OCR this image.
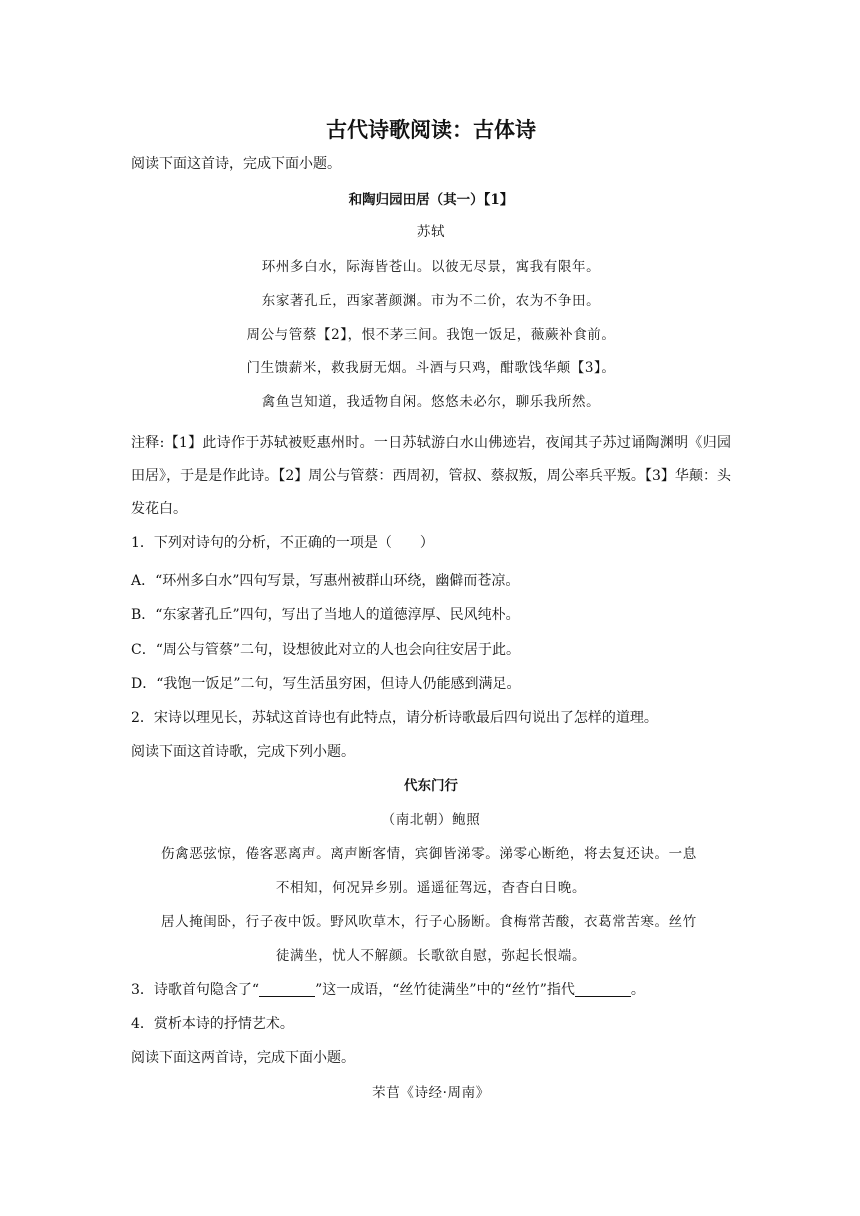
古代诗歌阅读：古体诗
阅读下面这首诗，完成下面小题。
和陶归园田居（其一）【1】
苏轼
环州多白水，际海皆苍山。以彼无尽景，寓我有限年。
东家著孔丘，西家著颜渊。市为不二价，农为不争田。
周公与管蔡【2】，恨不茅三间。我饱一饭足，薇蕨补食前。
门生馈薪米，救我厨无烟。斗酒与只鸡，酣歌饯华颠【3】。
禽鱼岂知道，我适物自闲。悠悠未必尔，聊乐我所然。
注释:【1】此诗作于苏轼被贬惠州时。一日苏轼游白水山佛迹岩，夜闻其子苏过诵陶渊明《归园田居》，于是是作此诗。【2】周公与管蔡：西周初，管叔、蔡叔叛，周公率兵平叛。【3】华颠：头发花白。
1．下列对诗句的分析，不正确的一项是（　　）
A．“环州多白水”四句写景，写惠州被群山环绕，幽僻而苍凉。
B．“东家著孔丘”四句，写出了当地人的道德淳厚、民风纯朴。
C．“周公与管蔡”二句，设想彼此对立的人也会向往安居于此。
D．“我饱一饭足”二句，写生活虽穷困，但诗人仍能感到满足。
2．宋诗以理见长，苏轼这首诗也有此特点，请分析诗歌最后四句说出了怎样的道理。
阅读下面这首诗歌，完成下列小题。
代东门行
（南北朝）鲍照
伤禽恶弦惊，倦客恶离声。离声断客情，宾御皆涕零。涕零心断绝，将去复还诀。一息
不相知，何况异乡别。遥遥征驾远，杳杳白日晚。
居人掩闺卧，行子夜中饭。野风吹草木，行子心肠断。食梅常苦酸，衣葛常苦寒。丝竹
徒满坐，忧人不解颜。长歌欲自慰，弥起长恨端。
3．诗歌首句隐含了“	”这一成语，“丝竹徒满坐”中的“丝竹”指代	。
4．赏析本诗的抒情艺术。
阅读下面这两首诗，完成下面小题。
芣苢《诗经·周南》
